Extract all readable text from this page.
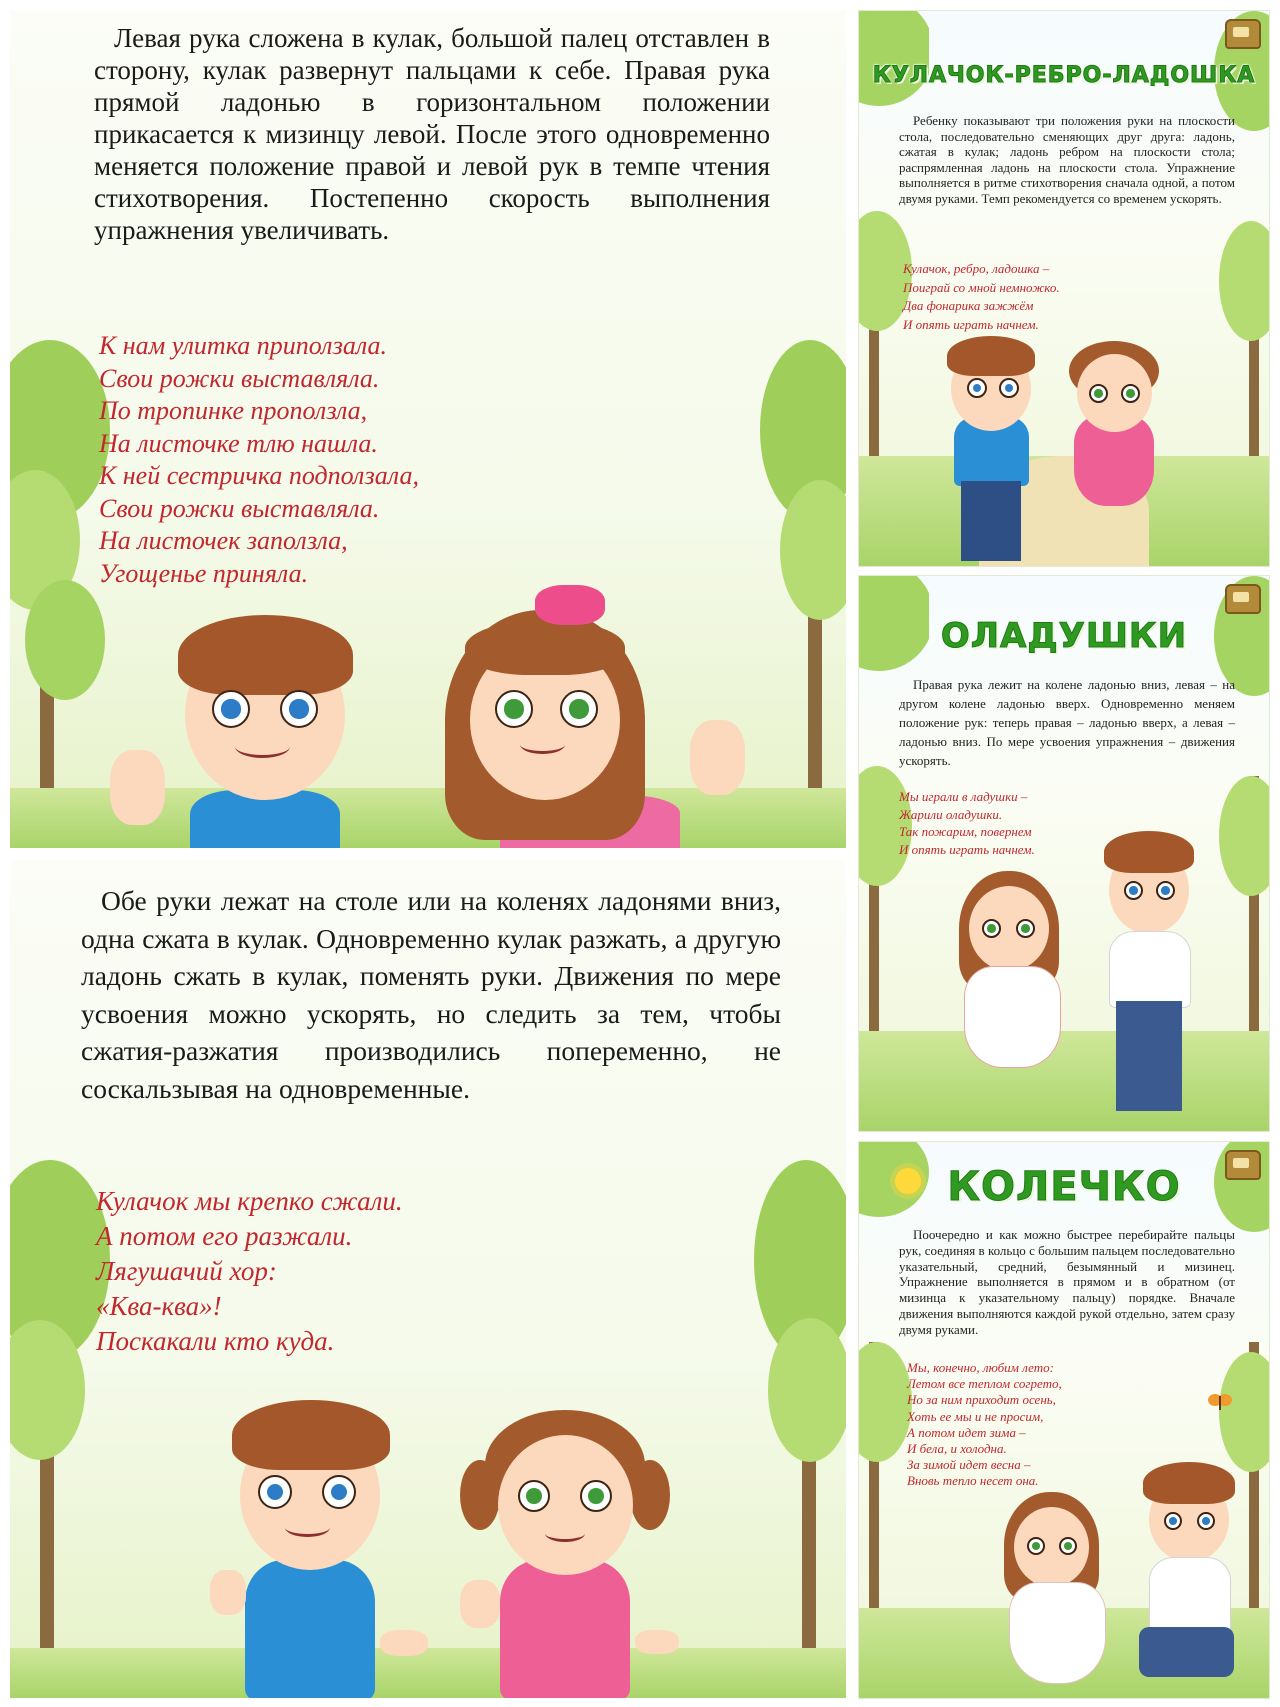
Левая рука сложена в кулак, большой палец отставлен в сторону, кулак развернут пальцами к себе. Правая рука прямой ладонью в горизонтальном положении прикасается к мизинцу левой. После этого одновременно меняется положение правой и левой рук в темпе чтения стихотворения. Постепенно скорость выполнения упражнения увеличивать.

К нам улитка приползала.
Свои рожки выставляла.
По тропинке проползла,
На листочке тлю нашла.
К ней сестричка подползала,
Свои рожки выставляла.
На листочек заползла,
Угощенье приняла.

Обе руки лежат на столе или на коленях ладонями вниз, одна сжата в кулак. Одновременно кулак разжать, а другую ладонь сжать в кулак, поменять руки. Движения по мере усвоения можно ускорять, но следить за тем, чтобы сжатия-разжатия производились попеременно, не соскальзывая на одновременные.

Кулачок мы крепко сжали.
А потом его разжали.
Лягушачий хор:
«Ква-ква»!
Поскакали кто куда.
КУЛАЧОК-РЕБРО-ЛАДОШКА

Ребенку показывают три положения руки на плоскости стола, последовательно сменяющих друг друга: ладонь, сжатая в кулак; ладонь ребром на плоскости стола; распрямленная ладонь на плоскости стола. Упражнение выполняется в ритме стихотворения сначала одной, а потом двумя руками. Темп рекомендуется со временем ускорять.

Кулачок, ребро, ладошка –
Поиграй со мной немножко.
Два фонарика зажжём
И опять играть начнем.
ОЛАДУШКИ

Правая рука лежит на колене ладонью вниз, левая – на другом колене ладонью вверх. Одновременно меняем положение рук: теперь правая – ладонью вверх, а левая – ладонью вниз. По мере усвоения упражнения – движения ускорять.

Мы играли в ладушки –
Жарили оладушки.
Так пожарим, повернем
И опять играть начнем.
КОЛЕЧКО

Поочередно и как можно быстрее перебирайте пальцы рук, соединяя в кольцо с большим пальцем последовательно указательный, средний, безымянный и мизинец. Упражнение выполняется в прямом и в обратном (от мизинца к указательному пальцу) порядке. Вначале движения выполняются каждой рукой отдельно, затем сразу двумя руками.

Мы, конечно, любим лето:
Летом все теплом согрето,
Но за ним приходит осень,
Хоть ее мы и не просим,
А потом идет зима –
И бела, и холодна.
За зимой идет весна –
Вновь тепло несет она.
